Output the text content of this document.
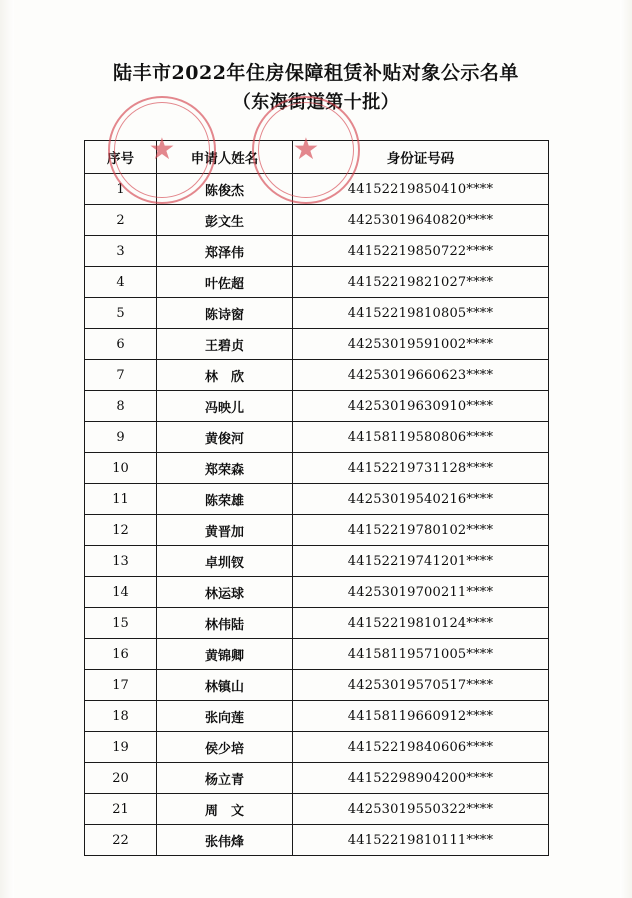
陆丰市2022年住房保障租赁补贴对象公示名单
（东海街道第十批）
序号	申请人姓名	身份证号码
1	陈俊杰	44152219850410****
2	彭文生	44253019640820****
3	郑泽伟	44152219850722****
4	叶佐超	44152219821027****
5	陈诗窗	44152219810805****
6	王碧贞	44253019591002****
7	林　欣	44253019660623****
8	冯映儿	44253019630910****
9	黄俊河	44158119580806****
10	郑荣森	44152219731128****
11	陈荣雄	44253019540216****
12	黄晋加	44152219780102****
13	卓圳钗	44152219741201****
14	林运球	44253019700211****
15	林伟陆	44152219810124****
16	黄锦卿	44158119571005****
17	林镇山	44253019570517****
18	张向莲	44158119660912****
19	侯少培	44152219840606****
20	杨立青	44152298904200****
21	周　文	44253019550322****
22	张伟烽	44152219810111****
★	★
